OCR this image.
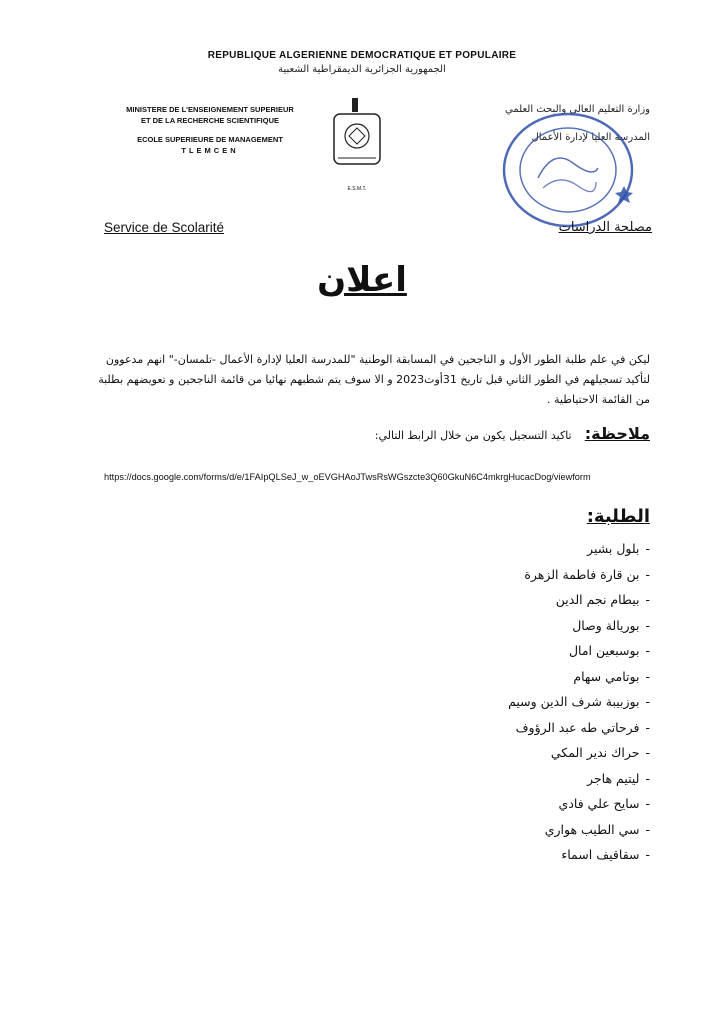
REPUBLIQUE ALGERIENNE DEMOCRATIQUE ET POPULAIRE
الجمهورية الجزائرية الديمقراطية الشعبية
MINISTERE DE L'ENSEIGNEMENT SUPERIEUR
ET DE LA RECHERCHE SCIENTIFIQUE
ECOLE SUPERIEURE DE MANAGEMENT
TLEMCEN
E.S.M.T.
وزارة التعليم العالي والبحث العلمي
المدرسة العليا لإدارة الأعمال
Service de Scolarité	مصلحة الدراسات
اعلان
ليكن في علم طلبة الطور الأول و الناجحين في المسابقة الوطنية "للمدرسة العليا لإدارة الأعمال -تلمسان-" انهم مدعوون لتأكيد تسجيلهم في الطور الثاني قبل تاريخ 31أوت2023 و الا سوف يتم شطبهم نهائيا من قائمة الناجحين و تعويضهم بطلبة من القائمة الاحتياطية .
ملاحظة: تاكيد التسجيل يكون من خلال الرابط التالي:
https://docs.google.com/forms/d/e/1FAIpQLSeJ_w_oEVGHAoJTwsRsWGszcte3Q60GkuN6C4mkrgHucacDog/viewform
الطلبة:
-بلول بشير
-بن قارة فاطمة الزهرة
-بيطام نجم الدين
-بوريالة وصال
-بوسبعين امال
-بوتامي سهام
-بوزبيبة شرف الدين وسيم
-فرحاتي طه عبد الرؤوف
-حراك ندير المكي
-ليتيم هاجر
-سايح علي فادي
-سي الطيب هواري
-سقاقيف اسماء
